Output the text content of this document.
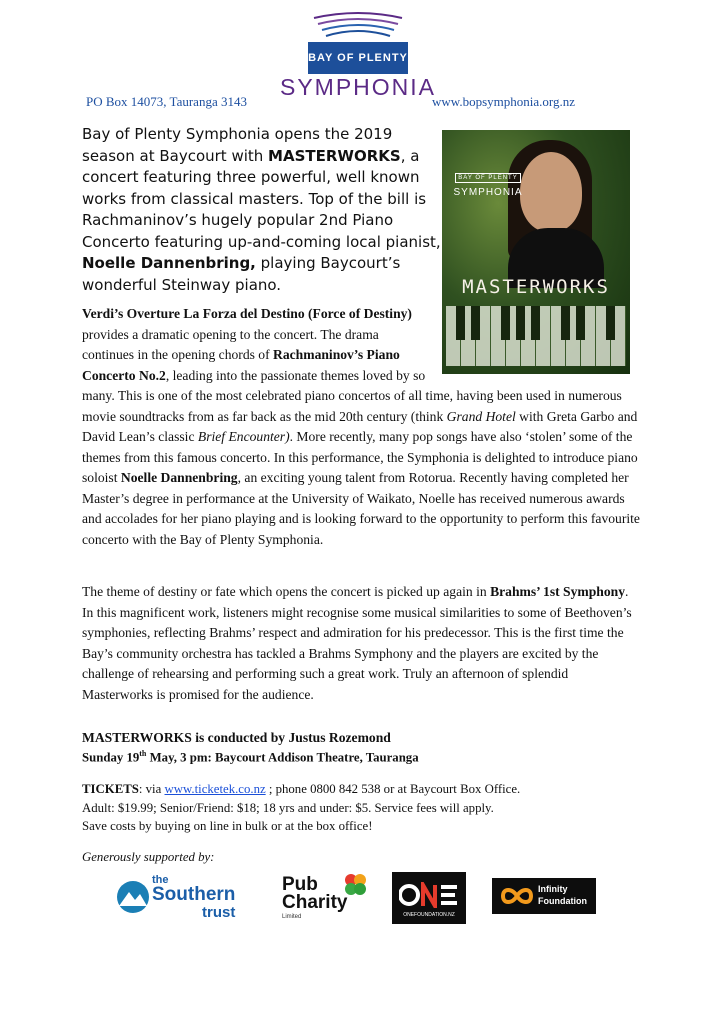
BAY OF PLENTY
SYMPHONIA
PO Box 14073, Tauranga 3143	www.bopsymphonia.org.nz

Bay of Plenty Symphonia opens the 2019 season at Baycourt with MASTERWORKS, a concert featuring three powerful, well known works from classical masters. Top of the bill is Rachmaninov’s hugely popular 2nd Piano Concerto featuring up-and-coming local pianist, Noelle Dannenbring, playing Baycourt’s wonderful Steinway piano.

BAY OF PLENTY
SYMPHONIA
MASTERWORKS

Verdi’s Overture La Forza del Destino (Force of Destiny) provides a dramatic opening to the concert. The drama continues in the opening chords of Rachmaninov’s Piano Concerto No.2, leading into the passionate themes loved by so many. This is one of the most celebrated piano concertos of all time, having been used in numerous movie soundtracks from as far back as the mid 20th century (think Grand Hotel with Greta Garbo and David Lean’s classic Brief Encounter). More recently, many pop songs have also ‘stolen’ some of the themes from this famous concerto. In this performance, the Symphonia is delighted to introduce piano soloist Noelle Dannenbring, an exciting young talent from Rotorua. Recently having completed her Master’s degree in performance at the University of Waikato, Noelle has received numerous awards and accolades for her piano playing and is looking forward to the opportunity to perform this favourite concerto with the Bay of Plenty Symphonia.

The theme of destiny or fate which opens the concert is picked up again in Brahms’ 1st Symphony. In this magnificent work, listeners might recognise some musical similarities to some of Beethoven’s symphonies, reflecting Brahms’ respect and admiration for his predecessor. This is the first time the Bay’s community orchestra has tackled a Brahms Symphony and the players are excited by the challenge of rehearsing and performing such a great work. Truly an afternoon of splendid Masterworks is promised for the audience.

MASTERWORKS is conducted by Justus Rozemond
Sunday 19th May, 3 pm: Baycourt Addison Theatre, Tauranga

TICKETS: via www.ticketek.co.nz ; phone 0800 842 538 or at Baycourt Box Office.
Adult: $19.99; Senior/Friend: $18; 18 yrs and under: $5. Service fees will apply.
Save costs by buying on line in bulk or at the box office!

Generously supported by:
the
Southern
trust
Pub
Charity
Limited	ONEFOUNDATION.NZ
Infinity
Foundation
